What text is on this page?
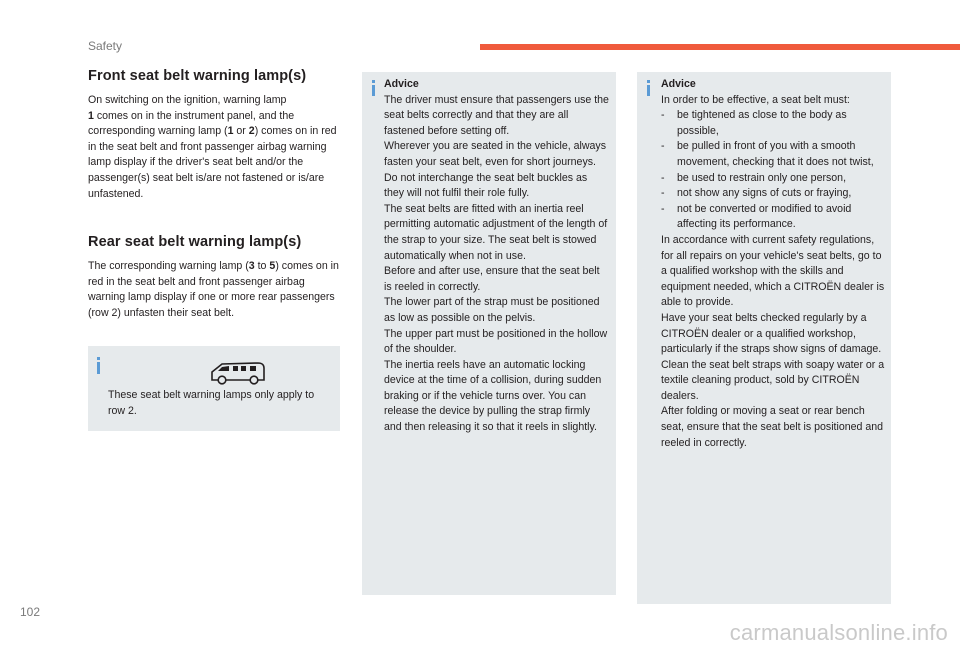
Safety
Front seat belt warning lamp(s)

On switching on the ignition, warning lamp
1 comes on in the instrument panel, and the corresponding warning lamp (1 or 2) comes on in red in the seat belt and front passenger airbag warning lamp display if the driver's seat belt and/or the passenger(s) seat belt is/are not fastened or is/are unfastened.

Rear seat belt warning lamp(s)

The corresponding warning lamp (3 to 5) comes on in red in the seat belt and front passenger airbag warning lamp display if one or more rear passengers (row 2) unfasten their seat belt.

These seat belt warning lamps only apply to row 2.

Advice
The driver must ensure that passengers use the seat belts correctly and that they are all fastened before setting off.
Wherever you are seated in the vehicle, always fasten your seat belt, even for short journeys.
Do not interchange the seat belt buckles as they will not fulfil their role fully.
The seat belts are fitted with an inertia reel permitting automatic adjustment of the length of the strap to your size. The seat belt is stowed automatically when not in use.
Before and after use, ensure that the seat belt is reeled in correctly.
The lower part of the strap must be positioned as low as possible on the pelvis.
The upper part must be positioned in the hollow of the shoulder.
The inertia reels have an automatic locking device at the time of a collision, during sudden braking or if the vehicle turns over. You can release the device by pulling the strap firmly and then releasing it so that it reels in slightly.
Advice
In order to be effective, a seat belt must:
- be tightened as close to the body as possible,
- be pulled in front of you with a smooth movement, checking that it does not twist,
- be used to restrain only one person,
- not show any signs of cuts or fraying,
- not be converted or modified to avoid affecting its performance.
In accordance with current safety regulations, for all repairs on your vehicle's seat belts, go to a qualified workshop with the skills and equipment needed, which a CITROËN dealer is able to provide.
Have your seat belts checked regularly by a CITROËN dealer or a qualified workshop, particularly if the straps show signs of damage.
Clean the seat belt straps with soapy water or a textile cleaning product, sold by CITROËN dealers.
After folding or moving a seat or rear bench seat, ensure that the seat belt is positioned and reeled in correctly.
102
carmanualsonline.info
